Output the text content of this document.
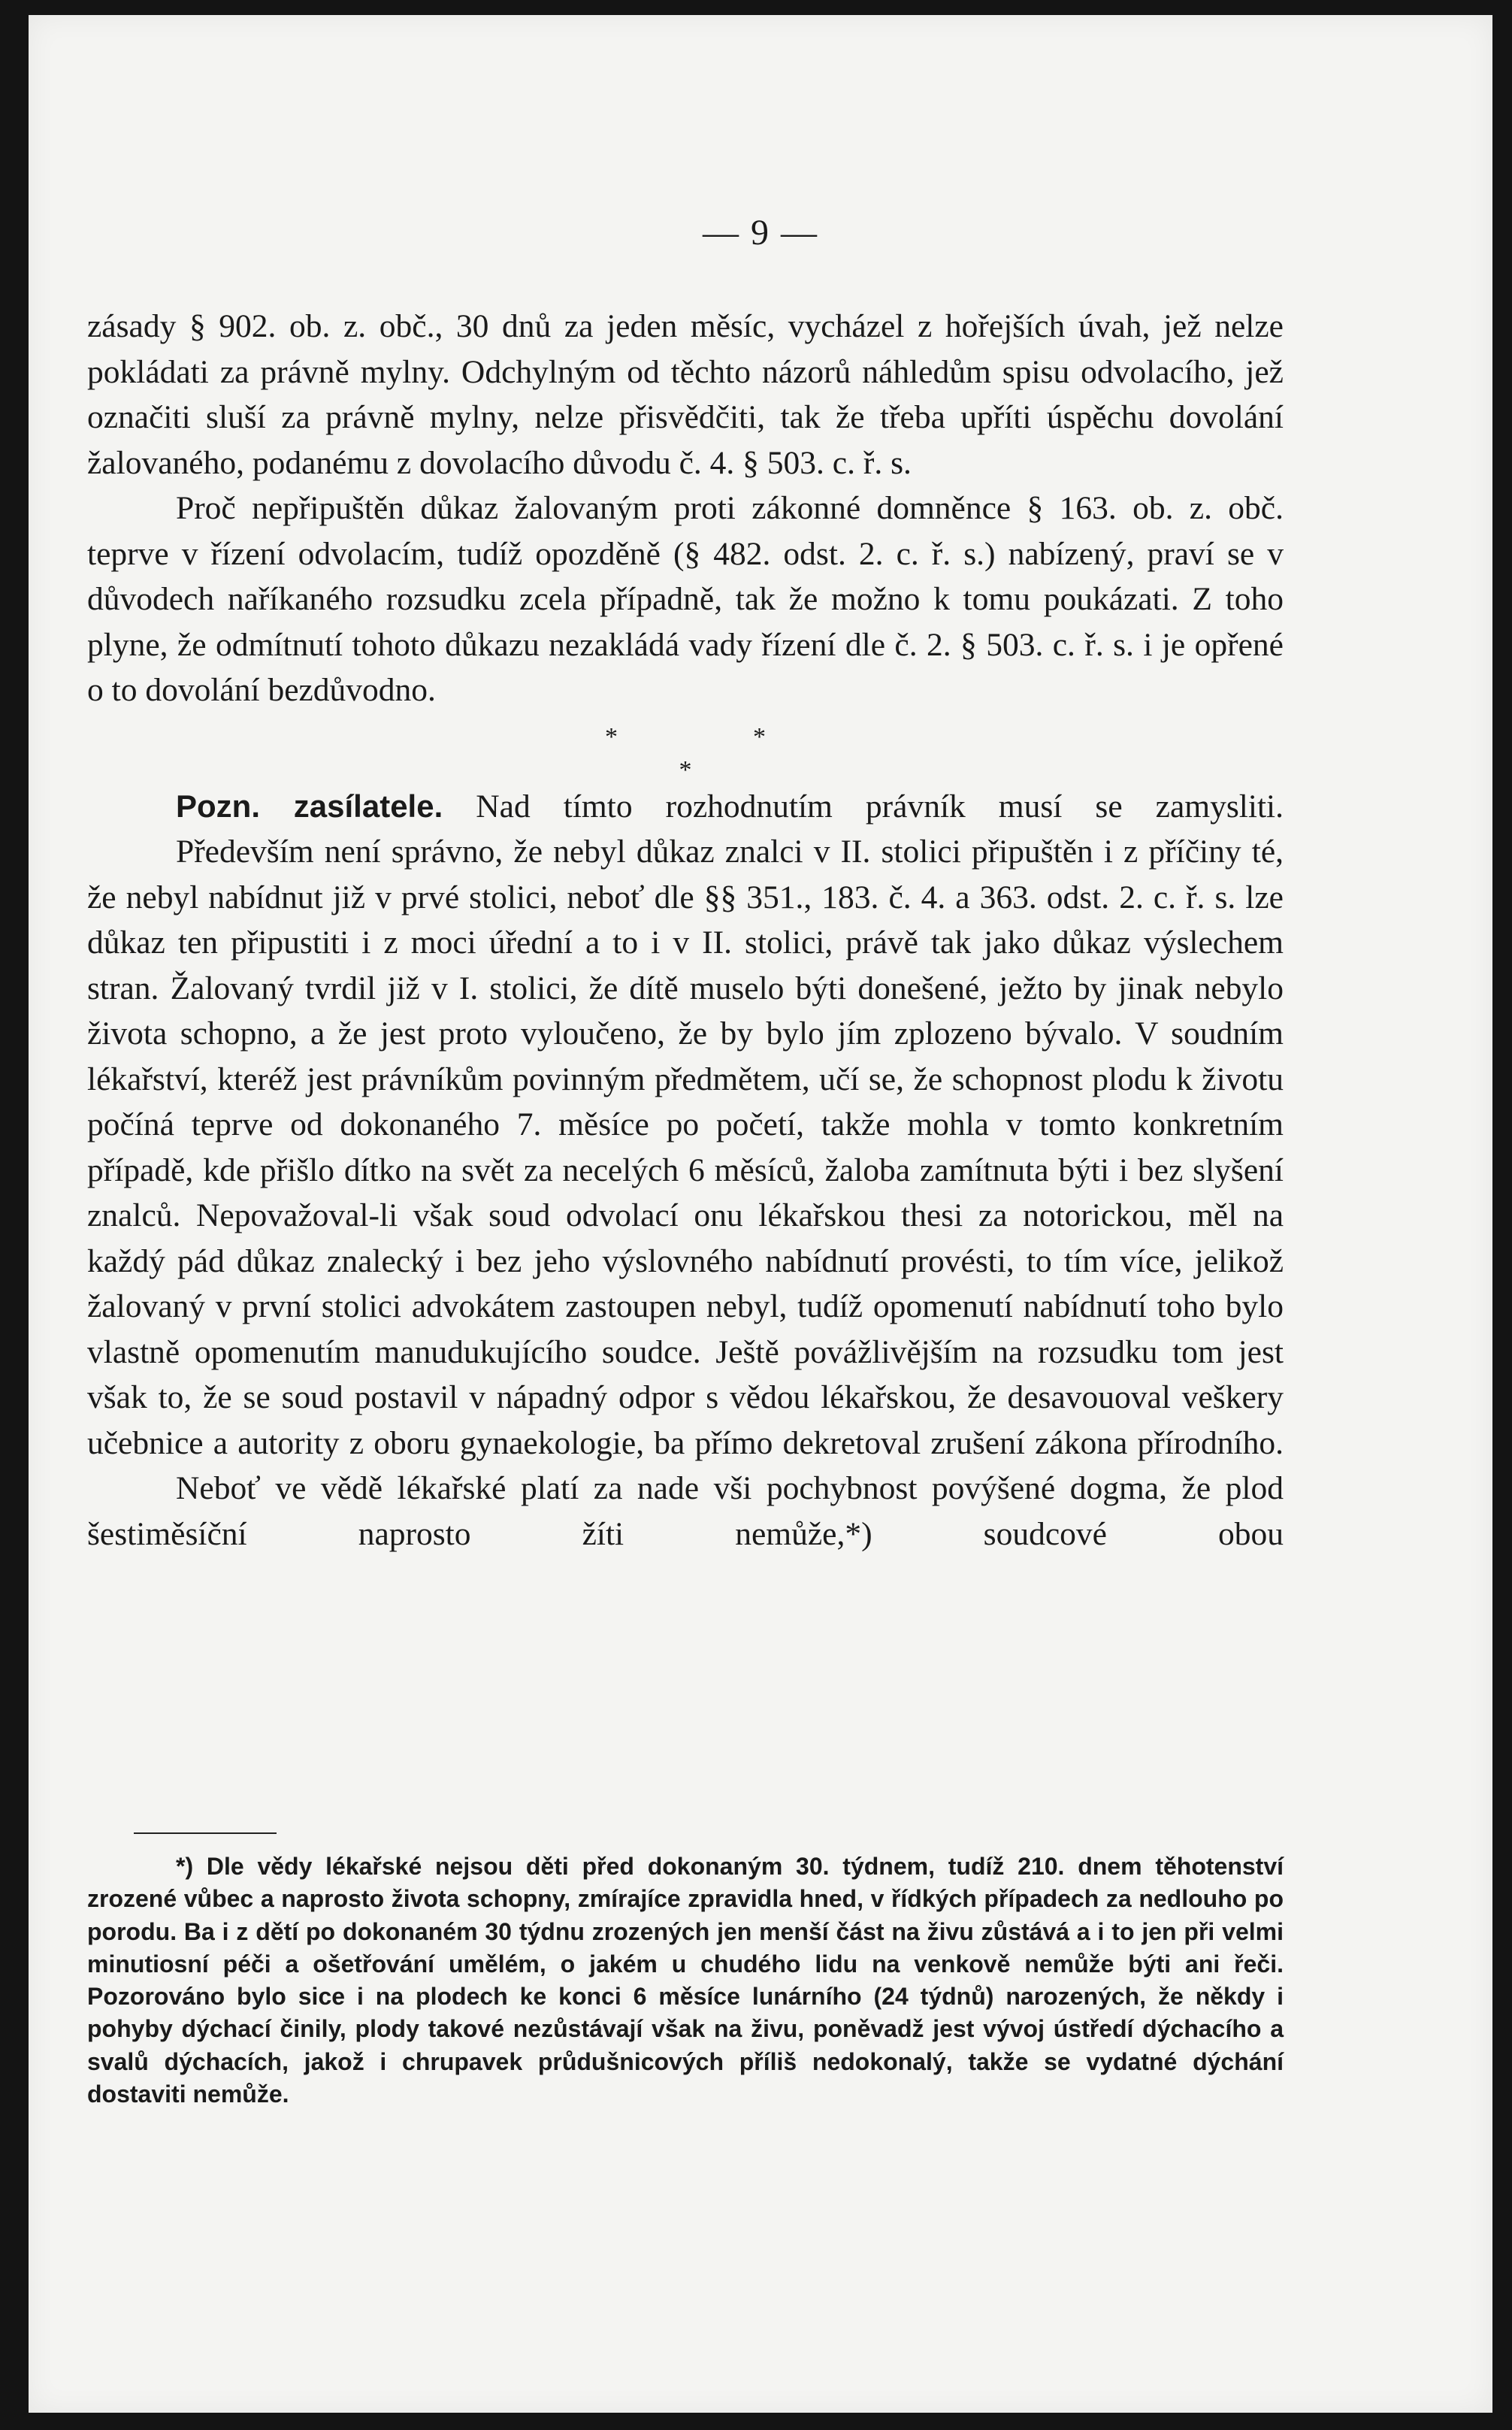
— 9 —

zásady § 902. ob. z. obč., 30 dnů za jeden měsíc, vycházel z hořejších úvah, jež nelze pokládati za právně mylny. Odchylným od těchto názorů náhledům spisu odvolacího, jež označiti sluší za právně mylny, nelze přisvědčiti, tak že třeba upříti úspěchu dovolání žalovaného, podanému z dovolacího důvodu č. 4. § 503. c. ř. s.

Proč nepřipuštěn důkaz žalovaným proti zákonné domněnce § 163. ob. z. obč. teprve v řízení odvolacím, tudíž opozděně (§ 482. odst. 2. c. ř. s.) nabízený, praví se v důvodech naříkaného rozsudku zcela případně, tak že možno k tomu poukázati. Z toho plyne, že odmítnutí tohoto důkazu nezakládá vady řízení dle č. 2. § 503. c. ř. s. i je opřené o to dovolání bezdůvodno.

*	*
*

Pozn. zasílatele. Nad tímto rozhodnutím právník musí se zamysliti.

Především není správno, že nebyl důkaz znalci v II. stolici připuštěn i z příčiny té, že nebyl nabídnut již v prvé stolici, neboť dle §§ 351., 183. č. 4. a 363. odst. 2. c. ř. s. lze důkaz ten připustiti i z moci úřední a to i v II. stolici, právě tak jako důkaz výslechem stran. Žalovaný tvrdil již v I. stolici, že dítě muselo býti donešené, ježto by jinak nebylo života schopno, a že jest proto vyloučeno, že by bylo jím zplozeno bývalo. V soudním lékařství, kteréž jest právníkům povinným předmětem, učí se, že schopnost plodu k životu počíná teprve od dokonaného 7. měsíce po početí, takže mohla v tomto konkretním případě, kde přišlo dítko na svět za necelých 6 měsíců, žaloba zamítnuta býti i bez slyšení znalců. Nepovažoval-li však soud odvolací onu lékařskou thesi za notorickou, měl na každý pád důkaz znalecký i bez jeho výslovného nabídnutí provésti, to tím více, jelikož žalovaný v první stolici advokátem zastoupen nebyl, tudíž opomenutí nabídnutí toho bylo vlastně opomenutím manudukujícího soudce. Ještě povážlivějším na rozsudku tom jest však to, že se soud postavil v nápadný odpor s vědou lékařskou, že desavouoval veškery učebnice a autority z oboru gynaekologie, ba přímo dekretoval zrušení zákona přírodního.

Neboť ve vědě lékařské platí za nade vši pochybnost povýšené dogma, že plod šestiměsíční naprosto žíti nemůže,*) soudcové obou

*) Dle vědy lékařské nejsou děti před dokonaným 30. týdnem, tudíž 210. dnem těhotenství zrozené vůbec a naprosto života schopny, zmírajíce zpravidla hned, v řídkých případech za nedlouho po porodu. Ba i z dětí po dokonaném 30 týdnu zrozených jen menší část na živu zůstává a i to jen při velmi minutiosní péči a ošetřování umělém, o jakém u chudého lidu na venkově nemůže býti ani řeči. Pozorováno bylo sice i na plodech ke konci 6 měsíce lunárního (24 týdnů) narozených, že někdy i pohyby dýchací činily, plody takové nezůstávají však na živu, poněvadž jest vývoj ústředí dýchacího a svalů dýchacích, jakož i chrupavek průdušnicových příliš nedokonalý, takže se vydatné dýchání dostaviti nemůže.
